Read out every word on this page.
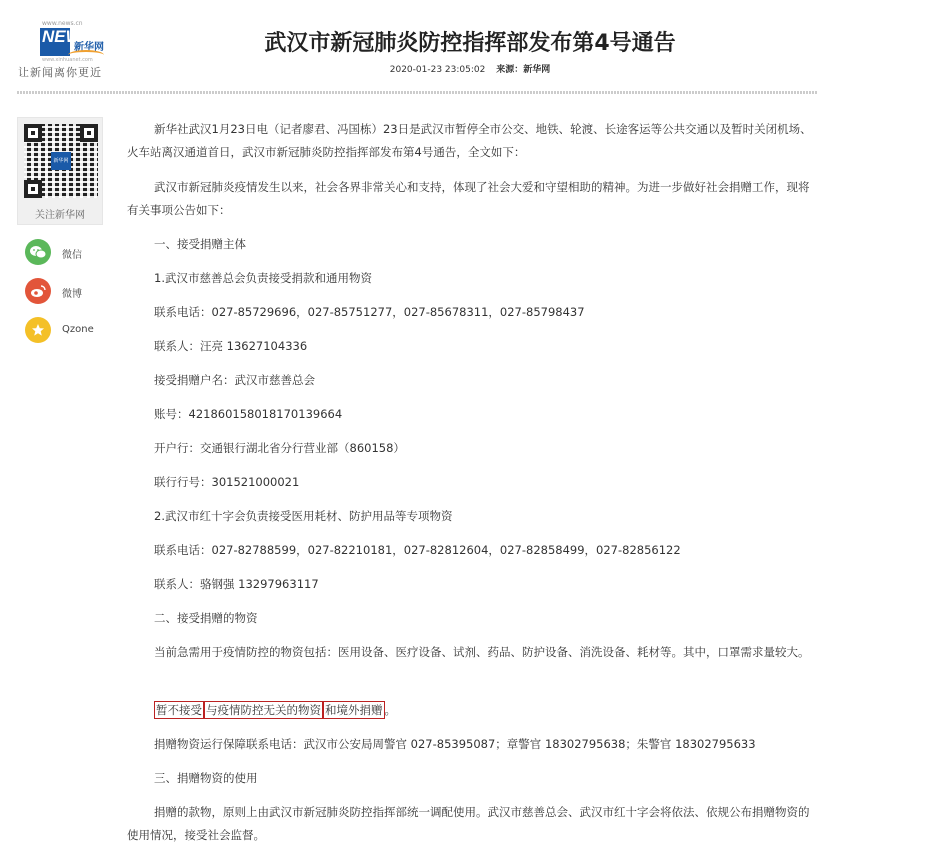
www.news.cn
NEWS
新华网
www.xinhuanet.com
让新闻离你更近
武汉市新冠肺炎防控指挥部发布第4号通告
2020-01-23 23:05:02 来源：新华网
新华网
关注新华网
微信
微博
Qzone

新华社武汉1月23日电（记者廖君、冯国栋）23日是武汉市暂停全市公交、地铁、轮渡、长途客运等公共交通以及暂时关闭机场、火车站离汉通道首日，武汉市新冠肺炎防控指挥部发布第4号通告，全文如下：

武汉市新冠肺炎疫情发生以来，社会各界非常关心和支持，体现了社会大爱和守望相助的精神。为进一步做好社会捐赠工作，现将有关事项公告如下：

一、接受捐赠主体

1.武汉市慈善总会负责接受捐款和通用物资

联系电话：027-85729696，027-85751277，027-85678311，027-85798437

联系人：汪亮 13627104336

接受捐赠户名：武汉市慈善总会

账号：421860158018170139664

开户行：交通银行湖北省分行营业部（860158）

联行行号：301521000021

2.武汉市红十字会负责接受医用耗材、防护用品等专项物资

联系电话：027-82788599，027-82210181，027-82812604，027-82858499，027-82856122

联系人：骆钢强 13297963117

二、接受捐赠的物资

当前急需用于疫情防控的物资包括：医用设备、医疗设备、试剂、药品、防护设备、消洗设备、耗材等。其中，口罩需求量较大。

暂不接受 与疫情防控无关的物资 和境外捐赠 。

捐赠物资运行保障联系电话：武汉市公安局周警官 027-85395087；章警官 18302795638；朱警官 18302795633

三、捐赠物资的使用

捐赠的款物，原则上由武汉市新冠肺炎防控指挥部统一调配使用。武汉市慈善总会、武汉市红十字会将依法、依规公布捐赠物资的使用情况，接受社会监督。
